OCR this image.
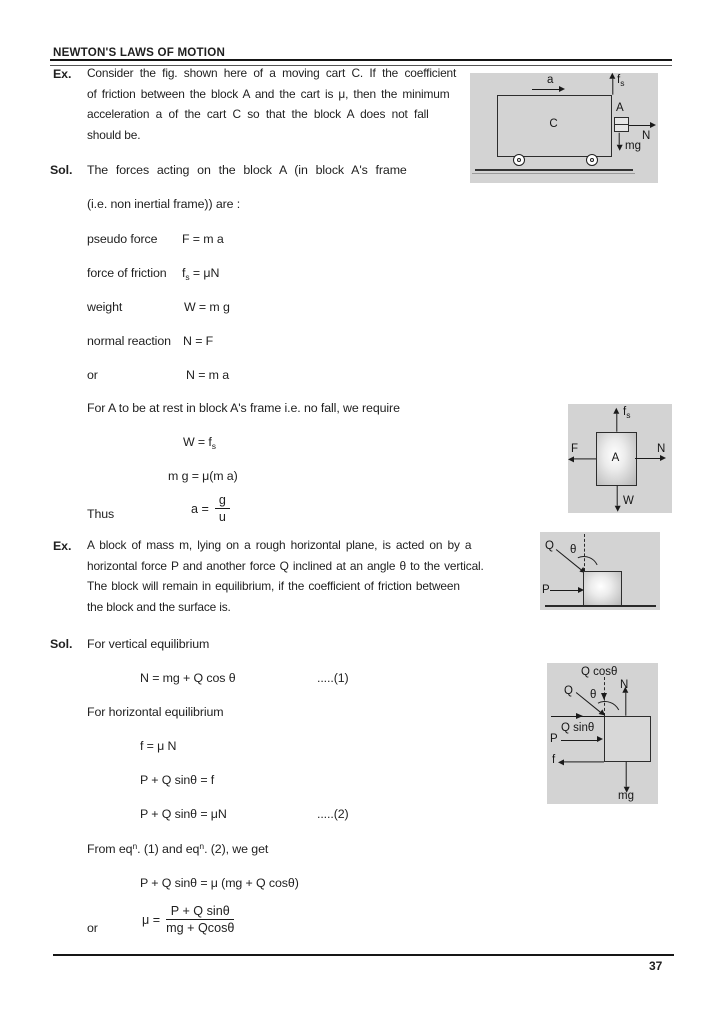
NEWTON'S LAWS OF MOTION
Ex. Consider the fig. shown here of a moving cart C. If the coefficient
of friction between the block A and the cart is μ, then the minimum
acceleration a of the cart C so that the block A does not fall
should be.
Sol. The forces acting on the block A (in block A's frame
(i.e. non inertial frame)) are :
pseudo force F = m a
force of friction $f_s = \mu N$
weight	W = m g
normal reaction N = F
or	N = m a
For A to be at rest in block A's frame i.e. no fall, we require
$W = f_s$
m g = μ(m a)
Thus	$a = \frac{g}{u}$
Ex. A block of mass m, lying on a rough horizontal plane, is acted on by a
horizontal force P and another force Q inclined at an angle θ to the vertical.
The block will remain in equilibrium, if the coefficient of friction between
the block and the surface is.
Sol. For vertical equilibrium
N = mg + Q cos θ	.....(1)
For horizontal equilibrium
f = μ N
P + Q sinθ = f
P + Q sinθ = μN	.....(2)
From $eq^n$. (1) and $eq^n$. (2), we get
P + Q sinθ = μ (mg + Q cosθ)
or
$\mu = \frac{\text{P + Q sinθ}}{mg + Qcos\theta}$
37
a
C
$f_s$
A
N
mg
A
$f_s$
F	N
W
Q θ
P
Q cosθ
N
Q θ
Q sinθ
P
f
mg
